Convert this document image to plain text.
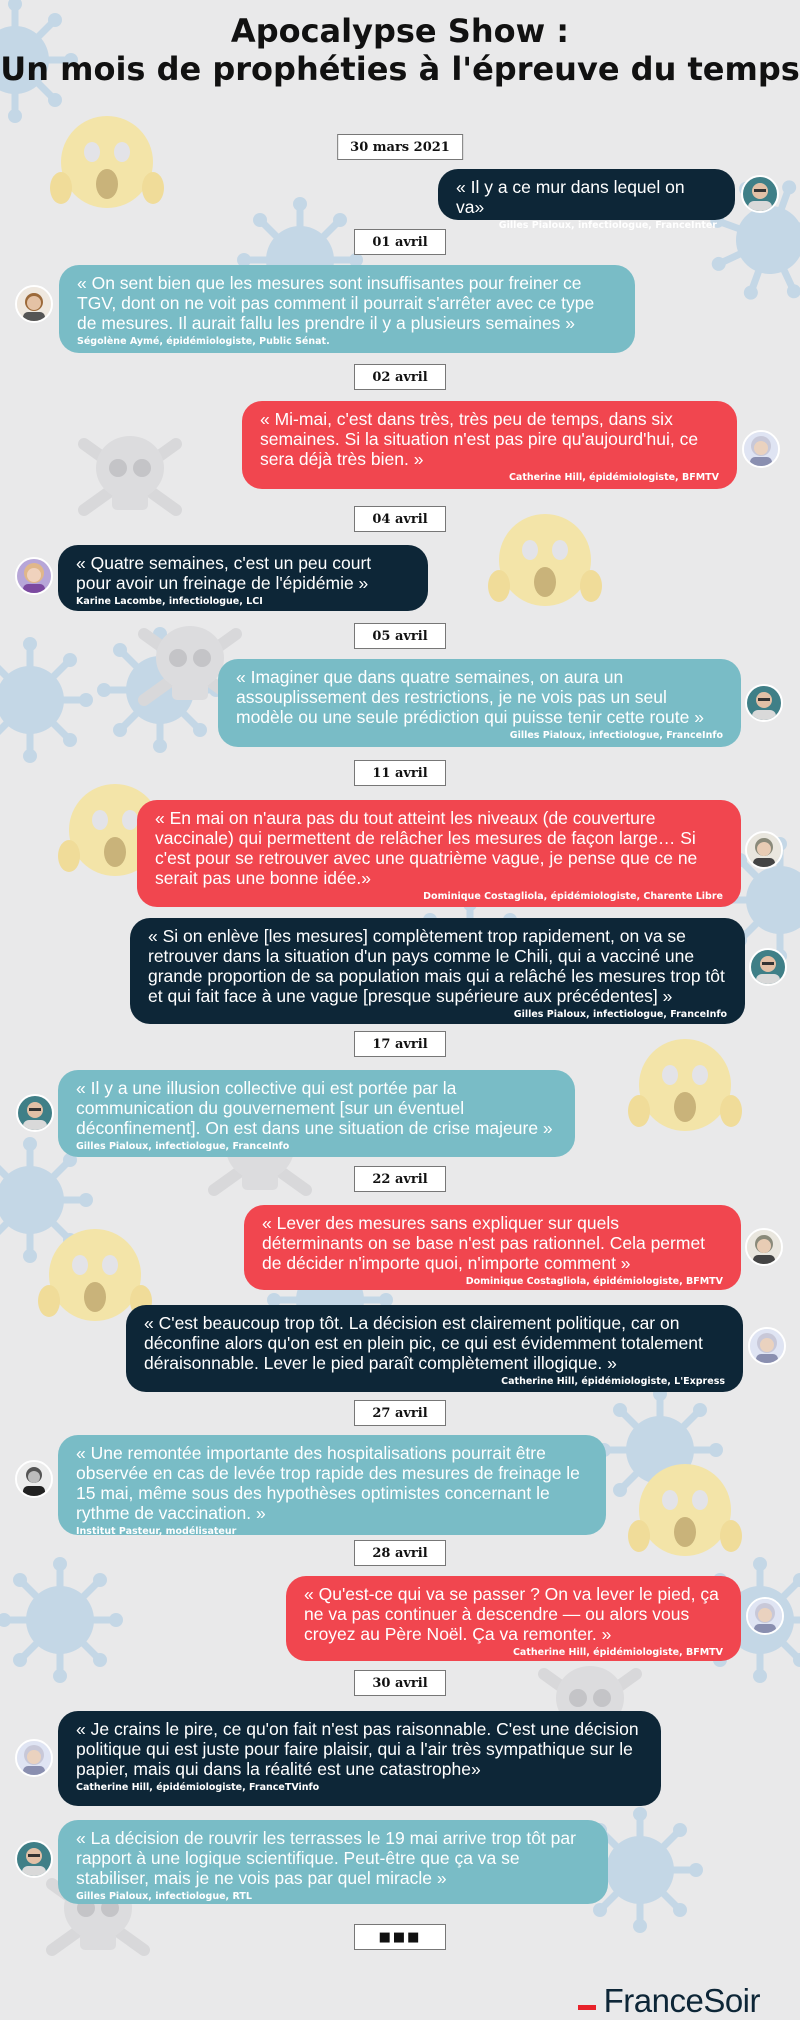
Apocalypse Show :
Un mois de prophéties à l'épreuve du temps
30 mars 2021
01 avril
02 avril
04 avril
05 avril
11 avril
17 avril
22 avril
27 avril
28 avril
30 avril
■■■
« Il y a ce mur dans lequel on va»
Gilles Pialoux, infectiologue, FranceInter
« On sent bien que les mesures sont insuffisantes pour freiner ce TGV, dont on ne voit pas comment il pourrait s'arrêter avec ce type de mesures. Il aurait fallu les prendre il y a plusieurs semaines »
Ségolène Aymé, épidémiologiste, Public Sénat.
« Mi-mai, c'est dans très, très peu de temps, dans six semaines. Si la situation n'est pas pire qu'aujourd'hui, ce sera déjà très bien. »
Catherine Hill, épidémiologiste, BFMTV
« Quatre semaines, c'est un peu court pour avoir un freinage de l'épidémie »
Karine Lacombe, infectiologue, LCI
« Imaginer que dans quatre semaines, on aura un assouplissement des restrictions, je ne vois pas un seul modèle ou une seule prédiction qui puisse tenir cette route »
Gilles Pialoux, infectiologue, FranceInfo
« En mai on n'aura pas du tout atteint les niveaux (de couverture vaccinale) qui permettent de relâcher les mesures de façon large… Si c'est pour se retrouver avec une quatrième vague, je pense que ce ne serait pas une bonne idée.»
Dominique Costagliola, épidémiologiste, Charente Libre
« Si on enlève [les mesures] complètement trop rapidement, on va se retrouver dans la situation d'un pays comme le Chili, qui a vacciné une grande proportion de sa population mais qui a relâché les mesures trop tôt et qui fait face à une vague [presque supérieure aux précédentes] »
Gilles Pialoux, infectiologue, FranceInfo
« Il y a une illusion collective qui est portée par la communication du gouvernement [sur un éventuel déconfinement]. On est dans une situation de crise majeure »
Gilles Pialoux, infectiologue, FranceInfo
« Lever des mesures sans expliquer sur quels déterminants on se base n'est pas rationnel. Cela permet de décider n'importe quoi, n'importe comment »
Dominique Costagliola, épidémiologiste, BFMTV
« C'est beaucoup trop tôt. La décision est clairement politique, car on déconfine alors qu'on est en plein pic, ce qui est évidemment totalement déraisonnable. Lever le pied paraît complètement illogique. »
Catherine Hill, épidémiologiste, L'Express
« Une remontée importante des hospitalisations pourrait être observée en cas de levée trop rapide des mesures de freinage le 15 mai, même sous des hypothèses optimistes concernant le rythme de vaccination. »
Institut Pasteur, modélisateur
« Qu'est-ce qui va se passer ? On va lever le pied, ça ne va pas continuer à descendre — ou alors vous croyez au Père Noël. Ça va remonter. »
Catherine Hill, épidémiologiste, BFMTV
« Je crains le pire, ce qu'on fait n'est pas raisonnable. C'est une décision politique qui est juste pour faire plaisir, qui a l'air très sympathique sur le papier, mais qui dans la réalité est une catastrophe»
Catherine Hill, épidémiologiste, FranceTVinfo
« La décision de rouvrir les terrasses le 19 mai arrive trop tôt par rapport à une logique scientifique. Peut-être que ça va se stabiliser, mais je ne vois pas par quel miracle »
Gilles Pialoux, infectiologue, RTL
FranceSoir
